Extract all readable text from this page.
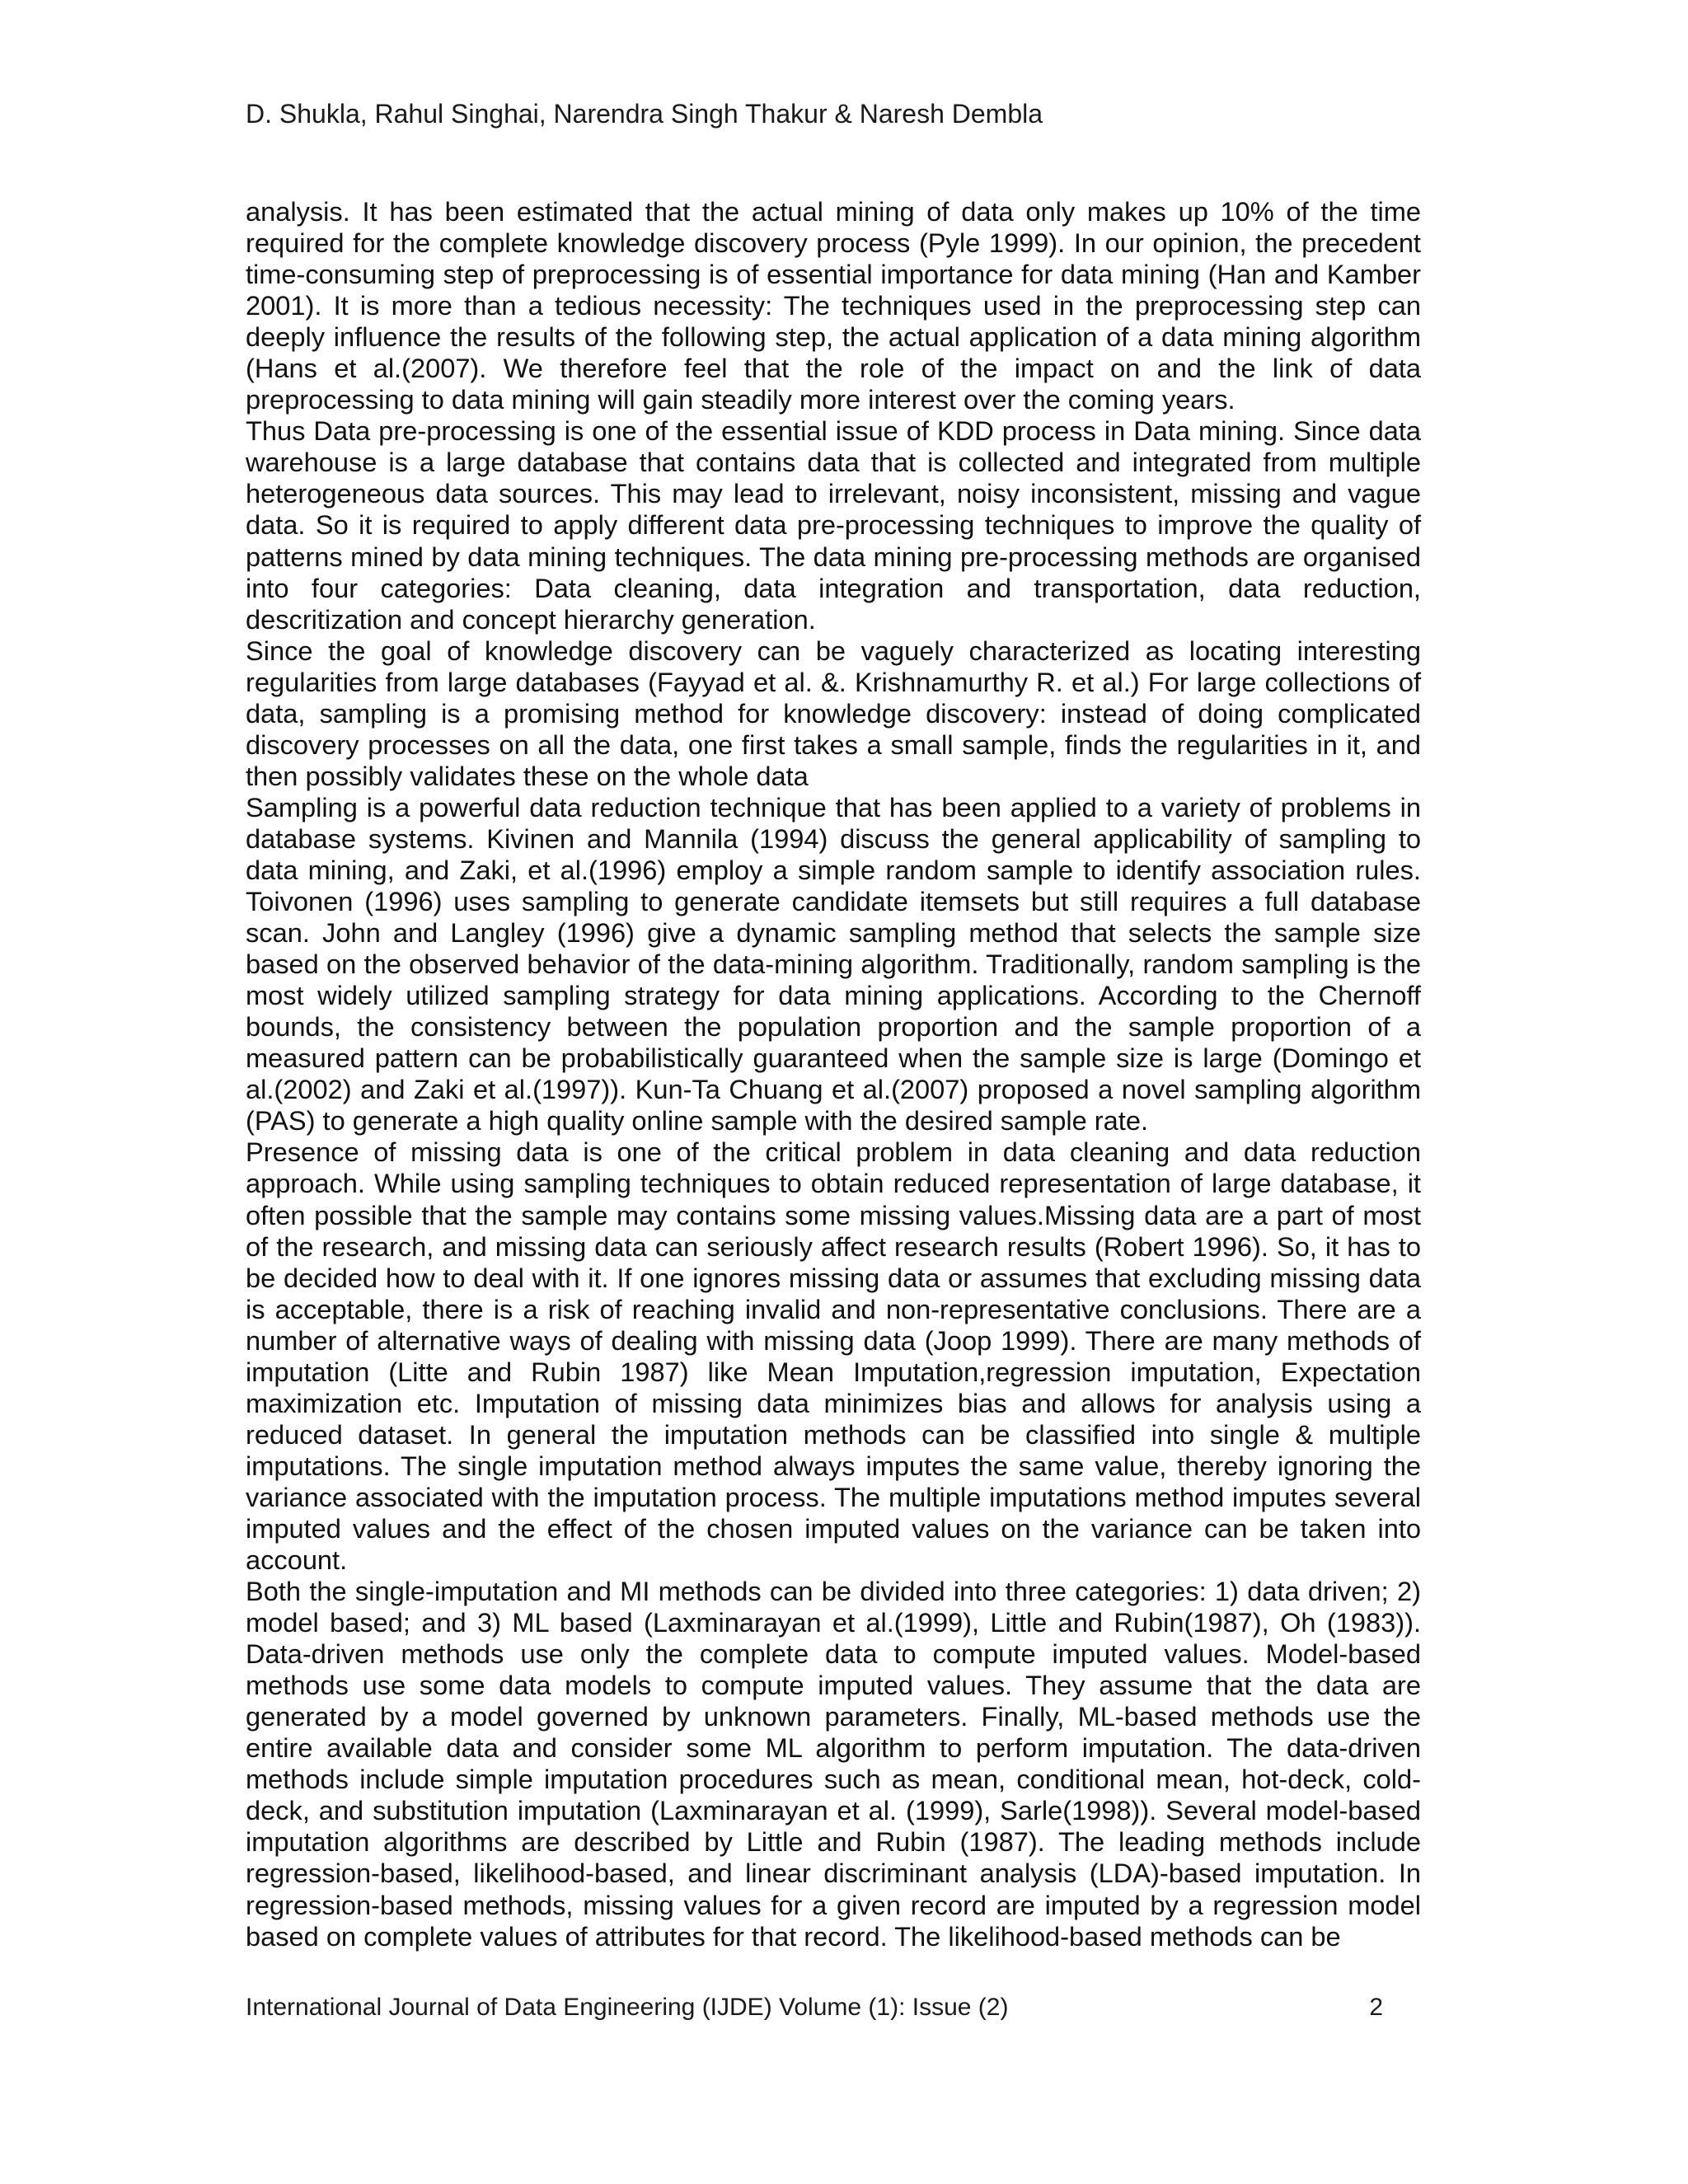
D. Shukla, Rahul Singhai, Narendra Singh Thakur & Naresh Dembla

analysis. It has been estimated that the actual mining of data only makes up 10% of the time required for the complete knowledge discovery process (Pyle 1999). In our opinion, the precedent time-consuming step of preprocessing is of essential importance for data mining (Han and Kamber 2001). It is more than a tedious necessity: The techniques used in the preprocessing step can deeply influence the results of the following step, the actual application of a data mining algorithm (Hans et al.(2007). We therefore feel that the role of the impact on and the link of data preprocessing to data mining will gain steadily more interest over the coming years.

Thus Data pre-processing is one of the essential issue of KDD process in Data mining. Since data warehouse is a large database that contains data that is collected and integrated from multiple heterogeneous data sources. This may lead to irrelevant, noisy inconsistent, missing and vague data. So it is required to apply different data pre-processing techniques to improve the quality of patterns mined by data mining techniques. The data mining pre-processing methods are organised into four categories: Data cleaning, data integration and transportation, data reduction, descritization and concept hierarchy generation.

Since the goal of knowledge discovery can be vaguely characterized as locating interesting regularities from large databases (Fayyad et al. &. Krishnamurthy R. et al.) For large collections of data, sampling is a promising method for knowledge discovery: instead of doing complicated discovery processes on all the data, one first takes a small sample, finds the regularities in it, and then possibly validates these on the whole data

Sampling is a powerful data reduction technique that has been applied to a variety of problems in database systems. Kivinen and Mannila (1994) discuss the general applicability of sampling to data mining, and Zaki, et al.(1996) employ a simple random sample to identify association rules. Toivonen (1996) uses sampling to generate candidate itemsets but still requires a full database scan. John and Langley (1996) give a dynamic sampling method that selects the sample size based on the observed behavior of the data-mining algorithm. Traditionally, random sampling is the most widely utilized sampling strategy for data mining applications. According to the Chernoff bounds, the consistency between the population proportion and the sample proportion of a measured pattern can be probabilistically guaranteed when the sample size is large (Domingo et al.(2002) and Zaki et al.(1997)). Kun-Ta Chuang et al.(2007) proposed a novel sampling algorithm (PAS) to generate a high quality online sample with the desired sample rate.

Presence of missing data is one of the critical problem in data cleaning and data reduction approach. While using sampling techniques to obtain reduced representation of large database, it often possible that the sample may contains some missing values.Missing data are a part of most of the research, and missing data can seriously affect research results (Robert 1996). So, it has to be decided how to deal with it. If one ignores missing data or assumes that excluding missing data is acceptable, there is a risk of reaching invalid and non-representative conclusions. There are a number of alternative ways of dealing with missing data (Joop 1999). There are many methods of imputation (Litte and Rubin 1987) like Mean Imputation,regression imputation, Expectation maximization etc. Imputation of missing data minimizes bias and allows for analysis using a reduced dataset. In general the imputation methods can be classified into single & multiple imputations. The single imputation method always imputes the same value, thereby ignoring the variance associated with the imputation process. The multiple imputations method imputes several imputed values and the effect of the chosen imputed values on the variance can be taken into account.

Both the single-imputation and MI methods can be divided into three categories: 1) data driven; 2) model based; and 3) ML based (Laxminarayan et al.(1999), Little and Rubin(1987), Oh (1983)). Data-driven methods use only the complete data to compute imputed values. Model-based methods use some data models to compute imputed values. They assume that the data are generated by a model governed by unknown parameters. Finally, ML-based methods use the entire available data and consider some ML algorithm to perform imputation. The data-driven methods include simple imputation procedures such as mean, conditional mean, hot-deck, cold-deck, and substitution imputation (Laxminarayan et al. (1999), Sarle(1998)). Several model-based imputation algorithms are described by Little and Rubin (1987). The leading methods include regression-based, likelihood-based, and linear discriminant analysis (LDA)-based imputation. In regression-based methods, missing values for a given record are imputed by a regression model based on complete values of attributes for that record. The likelihood-based methods can be

International Journal of Data Engineering (IJDE) Volume (1): Issue (2)	2
